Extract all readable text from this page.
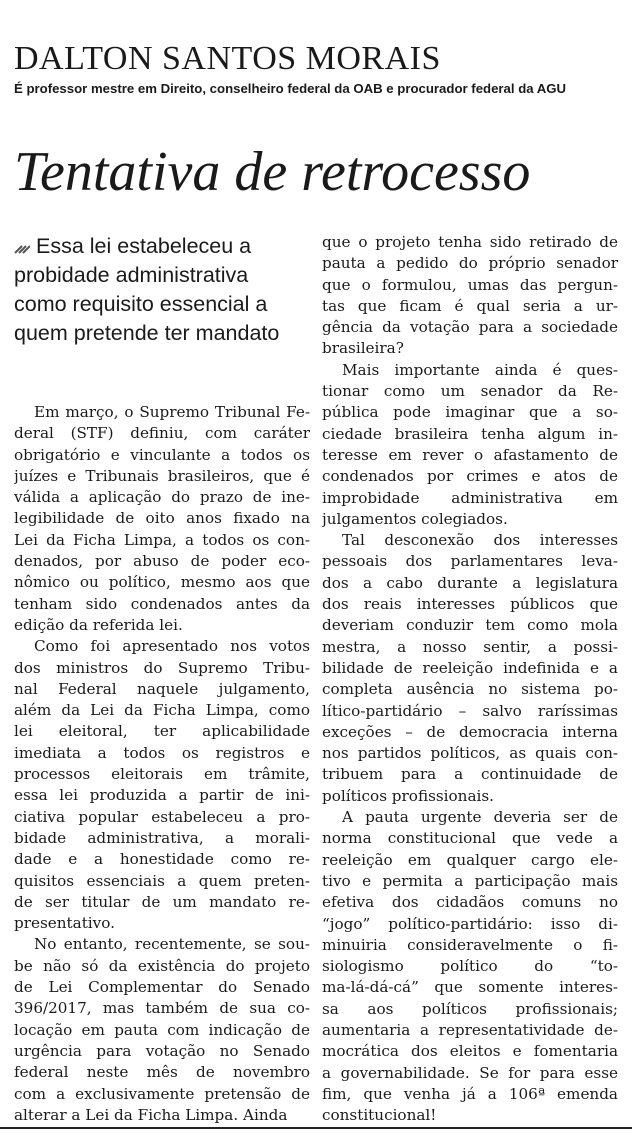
DALTON SANTOS MORAIS

É professor mestre em Direito, conselheiro federal da OAB e procurador federal da AGU

Tentativa de retrocesso
Essa lei estabeleceu a
probidade administrativa
como requisito essencial a
quem pretende ter mandato
Em março, o Supremo Tribunal Fe-
deral (STF) definiu, com caráter
obrigatório e vinculante a todos os
juízes e Tribunais brasileiros, que é
válida a aplicação do prazo de ine-
legibilidade de oito anos fixado na
Lei da Ficha Limpa, a todos os con-
denados, por abuso de poder eco-
nômico ou político, mesmo aos que
tenham sido condenados antes da
edição da referida lei.
Como foi apresentado nos votos
dos ministros do Supremo Tribu-
nal Federal naquele julgamento,
além da Lei da Ficha Limpa, como
lei eleitoral, ter aplicabilidade
imediata a todos os registros e
processos eleitorais em trâmite,
essa lei produzida a partir de ini-
ciativa popular estabeleceu a pro-
bidade administrativa, a morali-
dade e a honestidade como re-
quisitos essenciais a quem preten-
de ser titular de um mandato re-
presentativo.
No entanto, recentemente, se sou-
be não só da existência do projeto
de Lei Complementar do Senado
396/2017, mas também de sua co-
locação em pauta com indicação de
urgência para votação no Senado
federal neste mês de novembro
com a exclusivamente pretensão de
alterar a Lei da Ficha Limpa. Ainda
que o projeto tenha sido retirado de
pauta a pedido do próprio senador
que o formulou, umas das pergun-
tas que ficam é qual seria a ur-
gência da votação para a sociedade
brasileira?
Mais importante ainda é ques-
tionar como um senador da Re-
pública pode imaginar que a so-
ciedade brasileira tenha algum in-
teresse em rever o afastamento de
condenados por crimes e atos de
improbidade administrativa em
julgamentos colegiados.
Tal desconexão dos interesses
pessoais dos parlamentares leva-
dos a cabo durante a legislatura
dos reais interesses públicos que
deveriam conduzir tem como mola
mestra, a nosso sentir, a possi-
bilidade de reeleição indefinida e a
completa ausência no sistema po-
lítico-partidário – salvo raríssimas
exceções – de democracia interna
nos partidos políticos, as quais con-
tribuem para a continuidade de
políticos profissionais.
A pauta urgente deveria ser de
norma constitucional que vede a
reeleição em qualquer cargo ele-
tivo e permita a participação mais
efetiva dos cidadãos comuns no
“jogo” político-partidário: isso di-
minuiria consideravelmente o fi-
siologismo político do “to-
ma-lá-dá-cá” que somente interes-
sa aos políticos profissionais;
aumentaria a representatividade de-
mocrática dos eleitos e fomentaria
a governabilidade. Se for para esse
fim, que venha já a 106ª emenda
constitucional!
